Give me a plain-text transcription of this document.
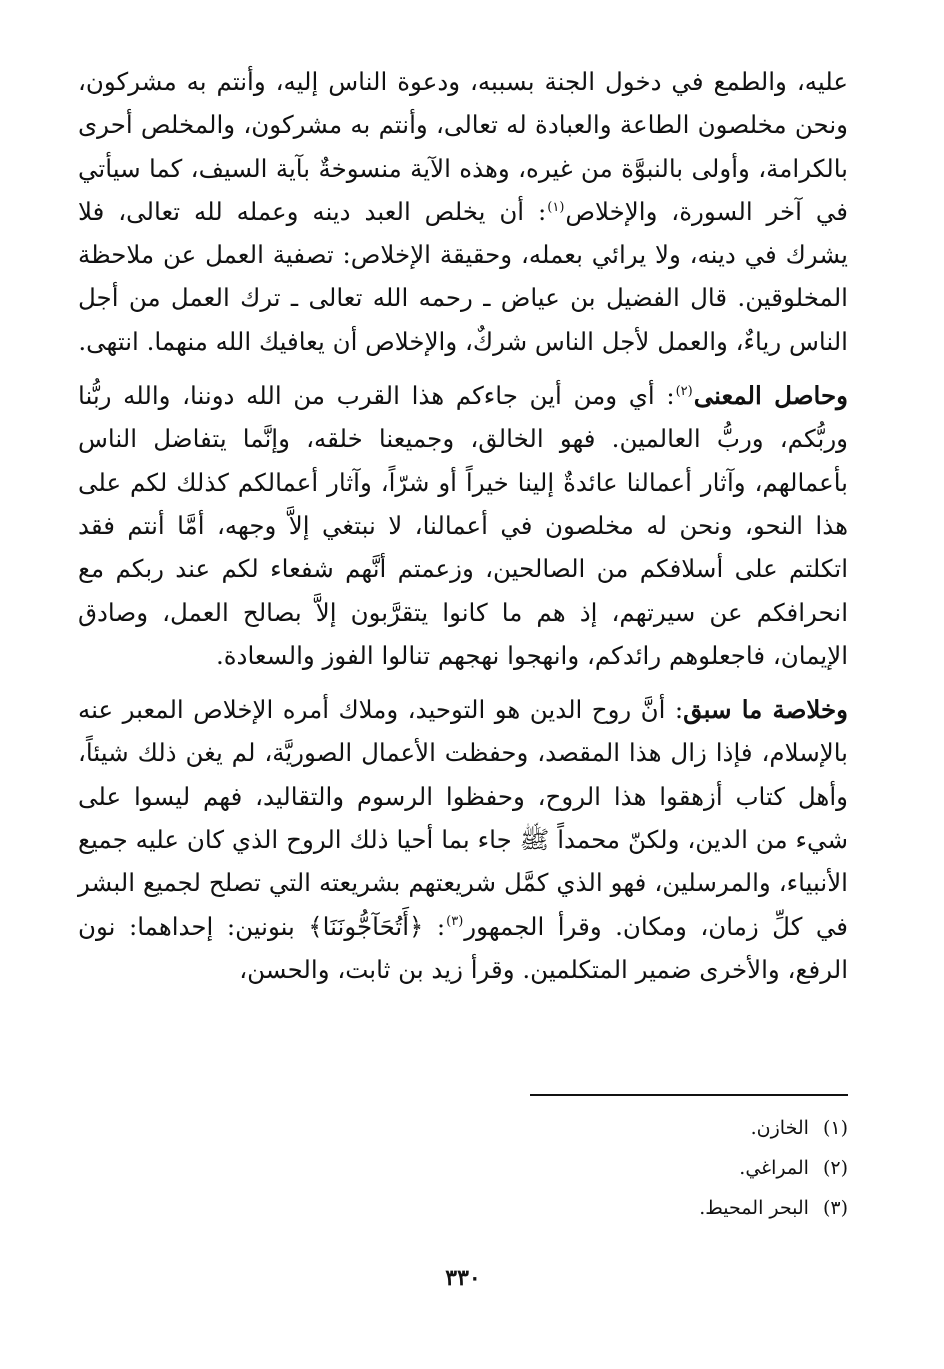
عليه، والطمع في دخول الجنة بسببه، ودعوة الناس إليه، وأنتم به مشركون، ونحن مخلصون الطاعة والعبادة له تعالى، وأنتم به مشركون، والمخلص أحرى بالكرامة، وأولى بالنبوَّة من غيره، وهذه الآية منسوخةٌ بآية السيف، كما سيأتي في آخر السورة، والإخلاص$^{(١)}$: أن يخلص العبد دينه وعمله لله تعالى، فلا يشرك في دينه، ولا يرائي بعمله، وحقيقة الإخلاص: تصفية العمل عن ملاحظة المخلوقين. قال الفضيل بن عياض ـ رحمه الله تعالى ـ ترك العمل من أجل الناس رياءٌ، والعمل لأجل الناس شركٌ، والإخلاص أن يعافيك الله منهما. انتهى.

وحاصل المعنى$^{(٢)}$: أي ومن أين جاءكم هذا القرب من الله دوننا، والله ربُّنا وربُّكم، وربُّ العالمين. فهو الخالق، وجميعنا خلقه، وإنَّما يتفاضل الناس بأعمالهم، وآثار أعمالنا عائدةٌ إلينا خيراً أو شرّاً، وآثار أعمالكم كذلك لكم على هذا النحو، ونحن له مخلصون في أعمالنا، لا نبتغي إلاَّ وجهه، أمَّا أنتم فقد اتكلتم على أسلافكم من الصالحين، وزعمتم أنَّهم شفعاء لكم عند ربكم مع انحرافكم عن سيرتهم، إذ هم ما كانوا يتقرَّبون إلاَّ بصالح العمل، وصادق الإيمان، فاجعلوهم رائدكم، وانهجوا نهجهم تنالوا الفوز والسعادة.

وخلاصة ما سبق: أنَّ روح الدين هو التوحيد، وملاك أمره الإخلاص المعبر عنه بالإسلام، فإذا زال هذا المقصد، وحفظت الأعمال الصوريَّة، لم يغن ذلك شيئاً، وأهل كتاب أزهقوا هذا الروح، وحفظوا الرسوم والتقاليد، فهم ليسوا على شيء من الدين، ولكنّ محمداً ﷺ جاء بما أحيا ذلك الروح الذي كان عليه جميع الأنبياء، والمرسلين، فهو الذي كمَّل شريعتهم بشريعته التي تصلح لجميع البشر في كلِّ زمان، ومكان. وقرأ الجمهور$^{(٣)}$: ﴿أَتُحَآجُّونَنَا﴾ بنونين: إحداهما: نون الرفع، والأخرى ضمير المتكلمين. وقرأ زيد بن ثابت، والحسن،

(١)الخازن.
(٢)المراغي.
(٣)البحر المحيط.
٣٣٠
